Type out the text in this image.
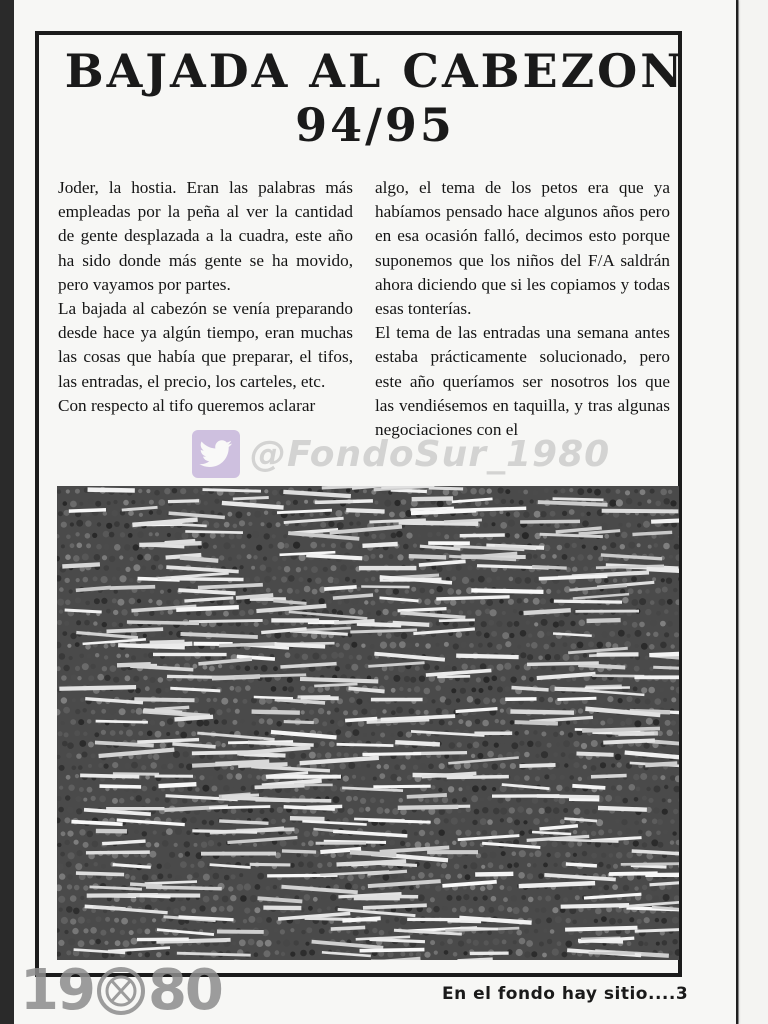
BAJADA AL CABEZON
94/95

Joder, la hostia. Eran las palabras más empleadas por la peña al ver la cantidad de gente desplazada a la cuadra, este año ha sido donde más gente se ha movido, pero vayamos por partes.

La bajada al cabezón se venía preparando desde hace ya algún tiempo, eran muchas las cosas que había que preparar, el tifos, las entradas, el precio, los carteles, etc.

Con respecto al tifo queremos aclarar

algo, el tema de los petos era que ya habíamos pensado hace algunos años pero en esa ocasión falló, decimos esto porque suponemos que los niños del F/A saldrán ahora diciendo que si les copiamos y todas esas tonterías.

El tema de las entradas una semana antes estaba prácticamente solucionado, pero este año queríamos ser nosotros los que las vendiésemos en taquilla, y tras algunas negociaciones con el

@FondoSur_1980
19 80	En el fondo hay sitio....3
